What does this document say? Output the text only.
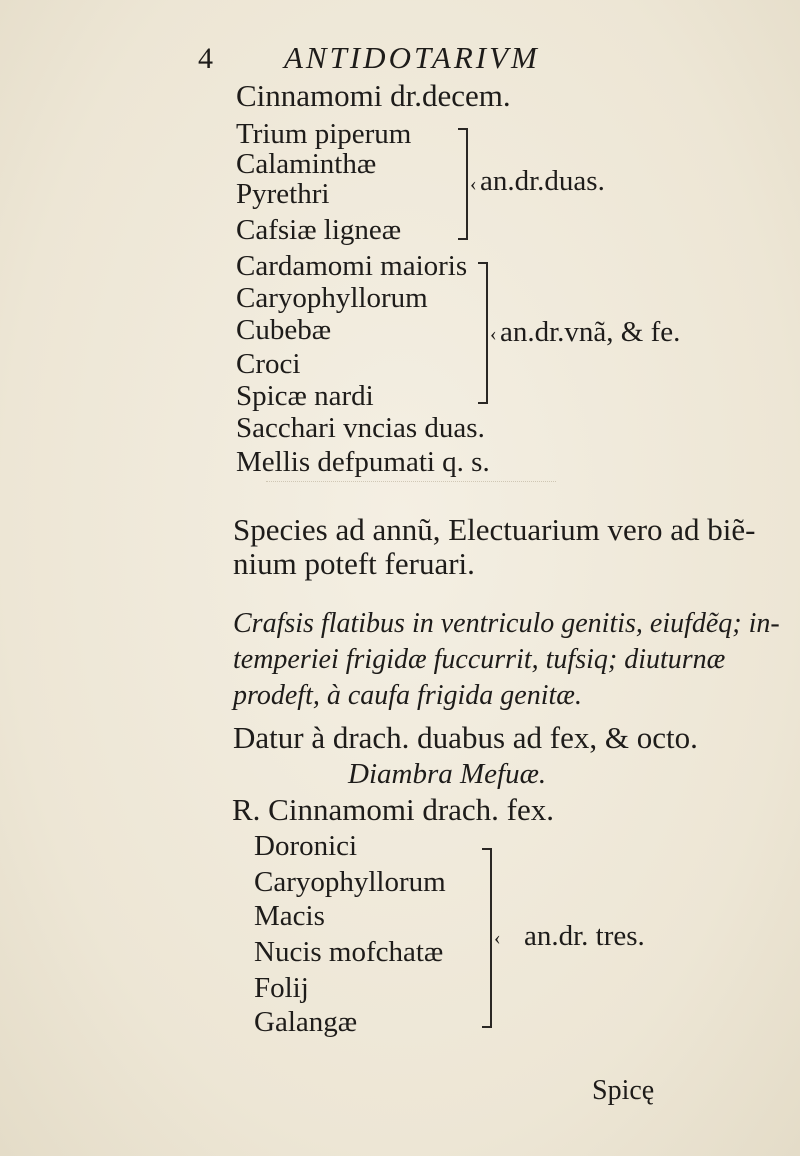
4 ANTIDOTARIVM
Cinnamomi dr.decem.
Trium piperum
Calaminthæ
Pyrethri
Cafsiæ ligneæ
‹ an.dr.duas.
Cardamomi maioris
Caryophyllorum
Cubebæ
Croci
Spicæ nardi
‹ an.dr.vnã, & fe.
Sacchari vncias duas.
Mellis defpumati q. s.
Species ad annũ, Electuarium vero ad biẽ-
nium poteft feruari.
Crafsis flatibus in ventriculo genitis, eiufdẽq; in-
temperiei frigidæ fuccurrit, tufsiq; diuturnæ
prodeft, à caufa frigida genitæ.
Datur à drach. duabus ad fex, & octo.
Diambra Mefuæ.
R. Cinnamomi drach. fex.
Doronici
Caryophyllorum
Macis
Nucis mofchatæ
Folij
Galangæ
‹ an.dr. tres.
Spicę
